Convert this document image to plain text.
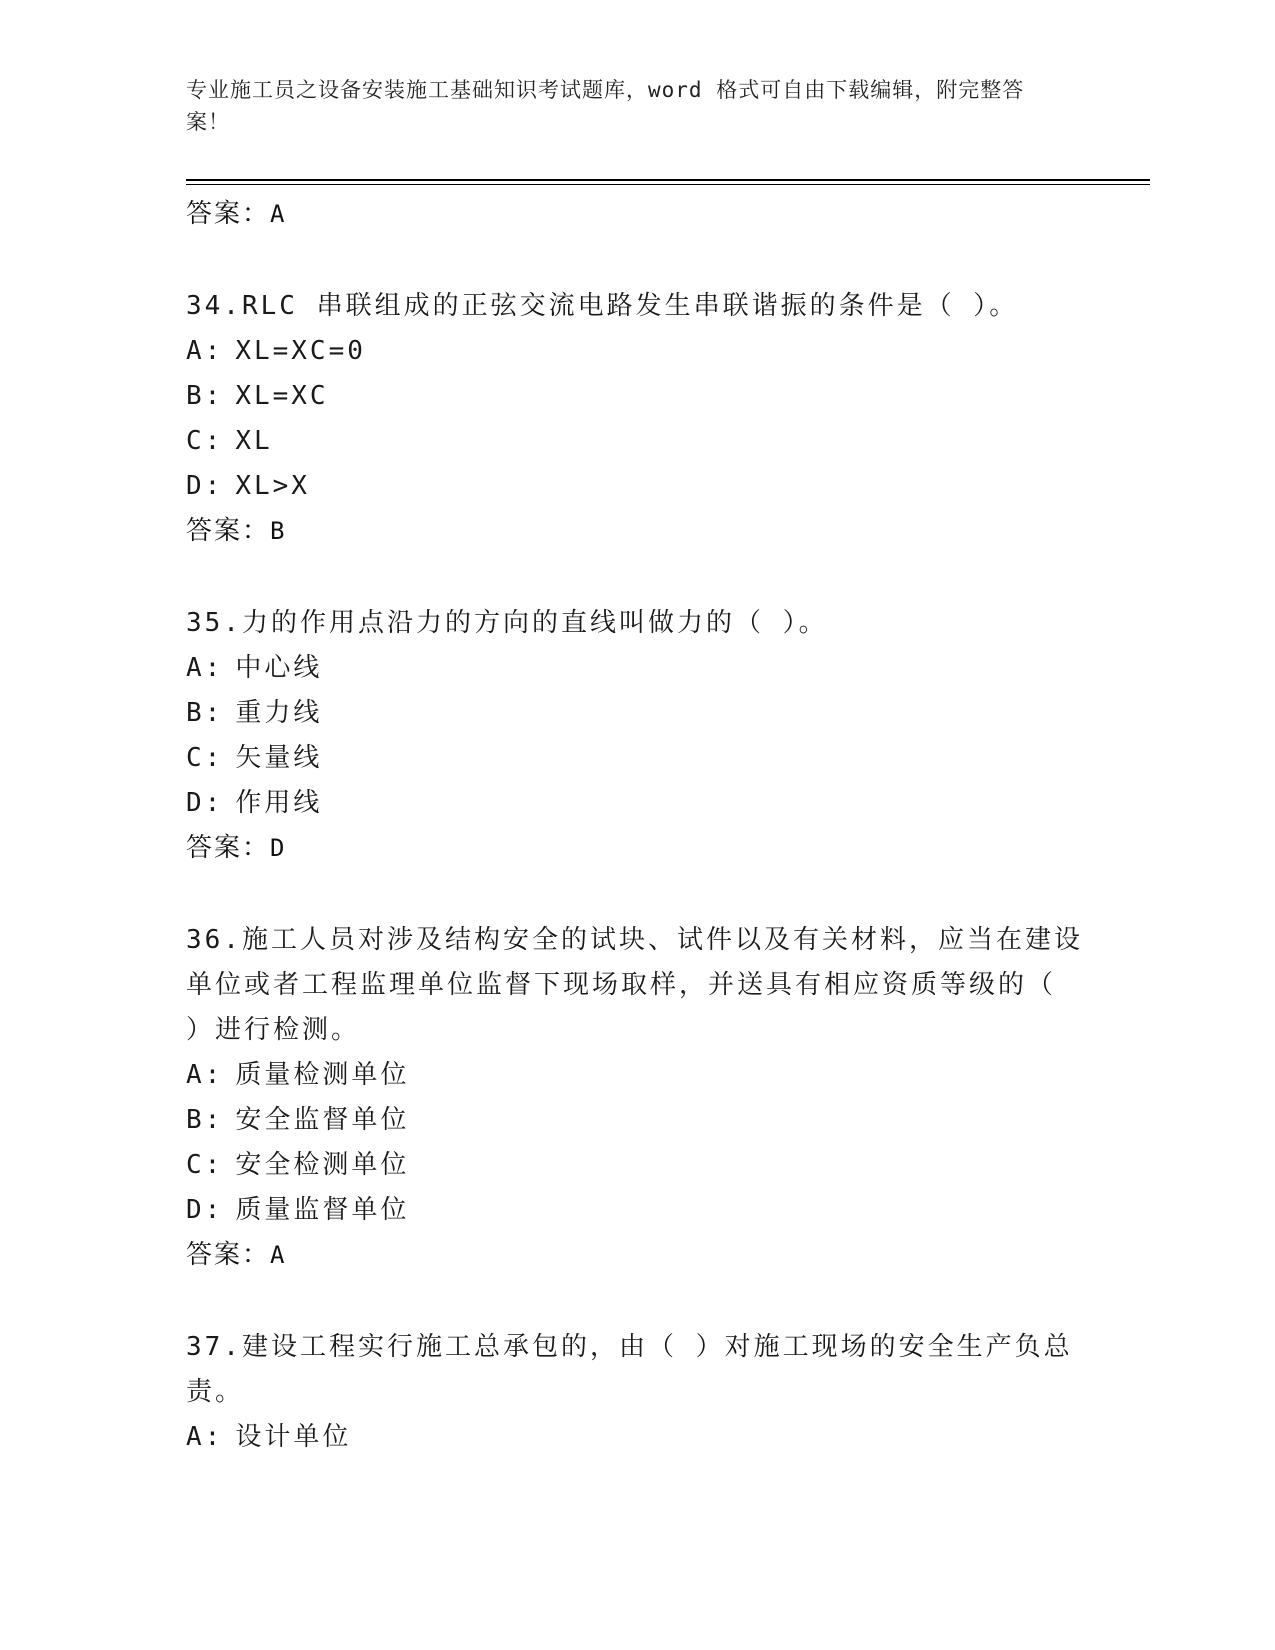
专业施工员之设备安装施工基础知识考试题库，word 格式可自由下载编辑，附完整答案！
答案：A
34.RLC 串联组成的正弦交流电路发生串联谐振的条件是（ ）。
A: XL=XC=0
B: XL=XC
C: XL
D: XL>X
答案：B
35.力的作用点沿力的方向的直线叫做力的（ ）。
A: 中心线
B: 重力线
C: 矢量线
D: 作用线
答案：D
36.施工人员对涉及结构安全的试块、试件以及有关材料，应当在建设单位或者工程监理单位监督下现场取样，并送具有相应资质等级的（ ）进行检测。
A: 质量检测单位
B: 安全监督单位
C: 安全检测单位
D: 质量监督单位
答案：A
37.建设工程实行施工总承包的，由（ ）对施工现场的安全生产负总责。
A: 设计单位
